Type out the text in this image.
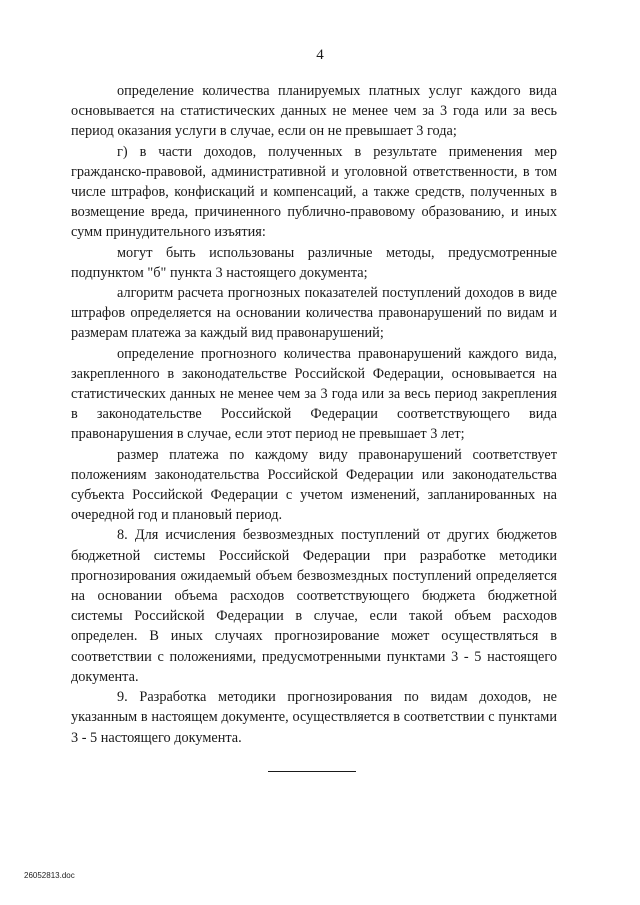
4

определение количества планируемых платных услуг каждого вида основывается на статистических данных не менее чем за 3 года или за весь период оказания услуги в случае, если он не превышает 3 года;

г) в части доходов, полученных в результате применения мер гражданско-правовой, административной и уголовной ответственности, в том числе штрафов, конфискаций и компенсаций, а также средств, полученных в возмещение вреда, причиненного публично-правовому образованию, и иных сумм принудительного изъятия:

могут быть использованы различные методы, предусмотренные подпунктом "б" пункта 3 настоящего документа;

алгоритм расчета прогнозных показателей поступлений доходов в виде штрафов определяется на основании количества правонарушений по видам и размерам платежа за каждый вид правонарушений;

определение прогнозного количества правонарушений каждого вида, закрепленного в законодательстве Российской Федерации, основывается на статистических данных не менее чем за 3 года или за весь период закрепления в законодательстве Российской Федерации соответствующего вида правонарушения в случае, если этот период не превышает 3 лет;

размер платежа по каждому виду правонарушений соответствует положениям законодательства Российской Федерации или законодательства субъекта Российской Федерации с учетом изменений, запланированных на очередной год и плановый период.

8. Для исчисления безвозмездных поступлений от других бюджетов бюджетной системы Российской Федерации при разработке методики прогнозирования ожидаемый объем безвозмездных поступлений определяется на основании объема расходов соответствующего бюджета бюджетной системы Российской Федерации в случае, если такой объем расходов определен. В иных случаях прогнозирование может осуществляться в соответствии с положениями, предусмотренными пунктами 3 - 5 настоящего документа.

9. Разработка методики прогнозирования по видам доходов, не указанным в настоящем документе, осуществляется в соответствии с пунктами 3 - 5 настоящего документа.

26052813.doc
